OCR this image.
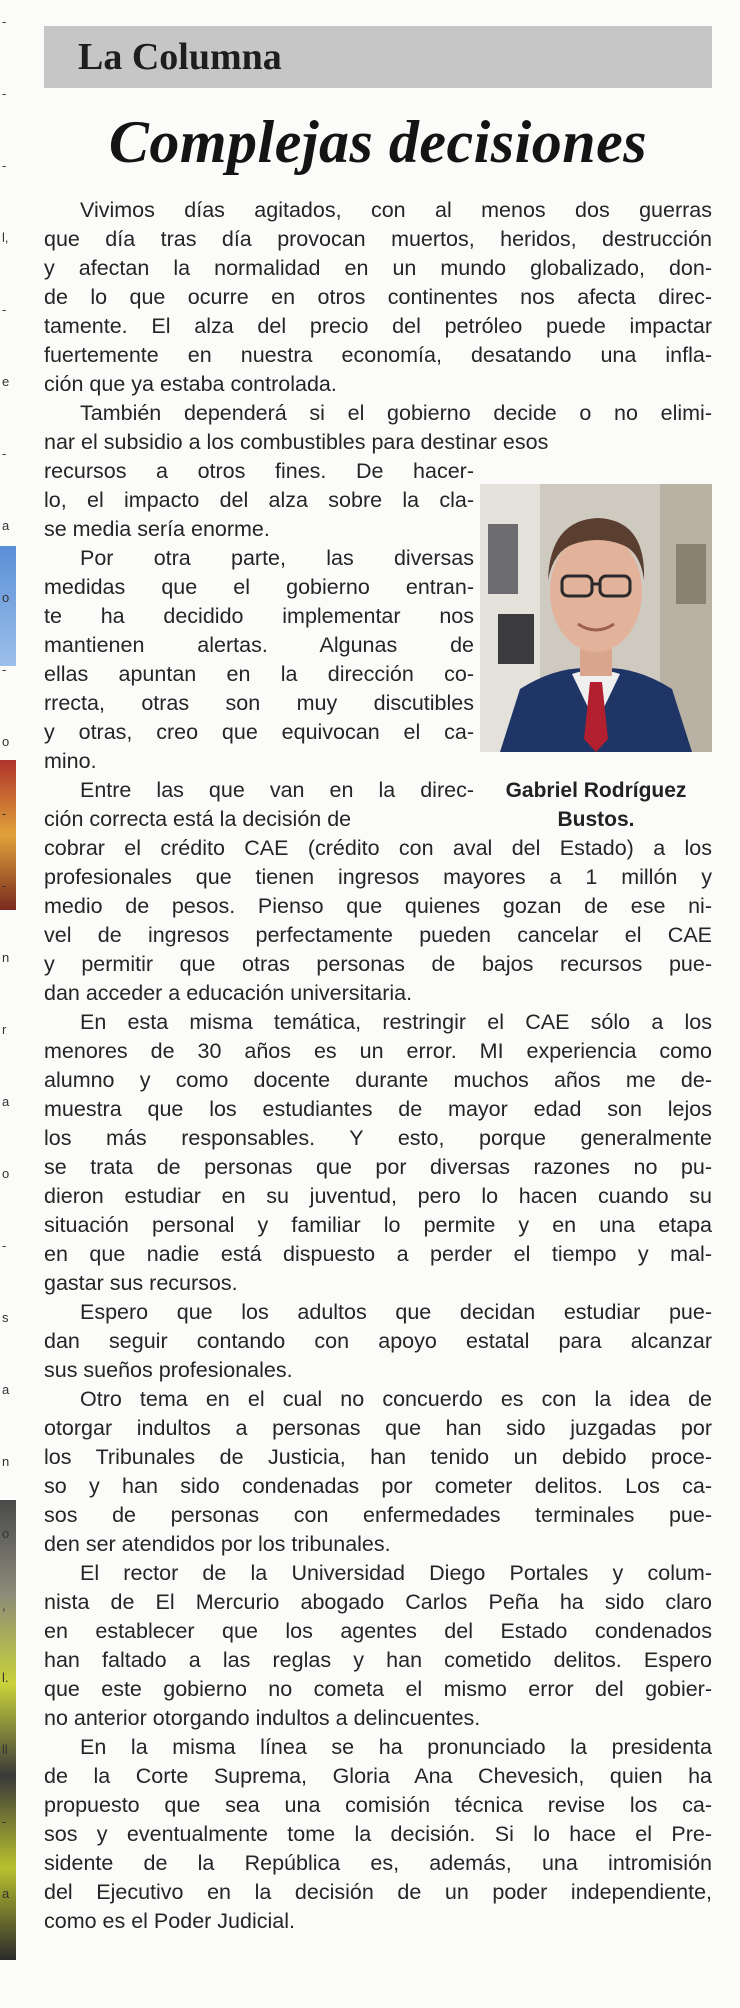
-
-
-
l,
-
e
-
a
o
-
o
-
-
n
r
a
o
-
s
a
n
o
,
l.
ll
-
a
La Columna
Complejas decisiones
Gabriel Rodríguez
Bustos.
Vivimos días agitados, con al menos dos guerras
que día tras día provocan muertos, heridos, destrucción
y afectan la normalidad en un mundo globalizado, don-
de lo que ocurre en otros continentes nos afecta direc-
tamente. El alza del precio del petróleo puede impactar
fuertemente en nuestra economía, desatando una infla-
ción que ya estaba controlada.
También dependerá si el gobierno decide o no elimi-
nar el subsidio a los combustibles para destinar esos
recursos a otros fines. De hacer-
lo, el impacto del alza sobre la cla-
se media sería enorme.
Por otra parte, las diversas
medidas que el gobierno entran-
te ha decidido implementar nos
mantienen alertas. Algunas de
ellas apuntan en la dirección co-
rrecta, otras son muy discutibles
y otras, creo que equivocan el ca-
mino.
Entre las que van en la direc-
ción correcta está la decisión de
cobrar el crédito CAE (crédito con aval del Estado) a los
profesionales que tienen ingresos mayores a 1 millón y
medio de pesos. Pienso que quienes gozan de ese ni-
vel de ingresos perfectamente pueden cancelar el CAE
y permitir que otras personas de bajos recursos pue-
dan acceder a educación universitaria.
En esta misma temática, restringir el CAE sólo a los
menores de 30 años es un error. MI experiencia como
alumno y como docente durante muchos años me de-
muestra que los estudiantes de mayor edad son lejos
los más responsables. Y esto, porque generalmente
se trata de personas que por diversas razones no pu-
dieron estudiar en su juventud, pero lo hacen cuando su
situación personal y familiar lo permite y en una etapa
en que nadie está dispuesto a perder el tiempo y mal-
gastar sus recursos.
Espero que los adultos que decidan estudiar pue-
dan seguir contando con apoyo estatal para alcanzar
sus sueños profesionales.
Otro tema en el cual no concuerdo es con la idea de
otorgar indultos a personas que han sido juzgadas por
los Tribunales de Justicia, han tenido un debido proce-
so y han sido condenadas por cometer delitos. Los ca-
sos de personas con enfermedades terminales pue-
den ser atendidos por los tribunales.
El rector de la Universidad Diego Portales y colum-
nista de El Mercurio abogado Carlos Peña ha sido claro
en establecer que los agentes del Estado condenados
han faltado a las reglas y han cometido delitos. Espero
que este gobierno no cometa el mismo error del gobier-
no anterior otorgando indultos a delincuentes.
En la misma línea se ha pronunciado la presidenta
de la Corte Suprema, Gloria Ana Chevesich, quien ha
propuesto que sea una comisión técnica revise los ca-
sos y eventualmente tome la decisión. Si lo hace el Pre-
sidente de la República es, además, una intromisión
del Ejecutivo en la decisión de un poder independiente,
como es el Poder Judicial.
